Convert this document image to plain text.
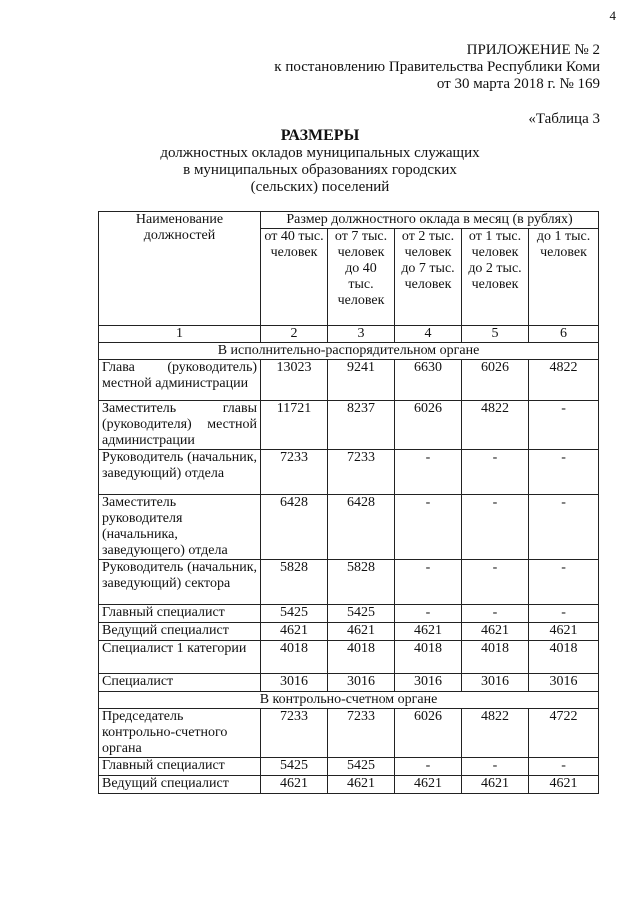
4
ПРИЛОЖЕНИЕ № 2
к постановлению Правительства Республики Коми
от 30 марта 2018 г. № 169
«Таблица 3
РАЗМЕРЫ
должностных окладов муниципальных служащих
в муниципальных образованиях городских
(сельских) поселений
Наименование должностей	Размер должностного оклада в месяц (в рублях)				
	от 40 тыс. человек	от 7 тыс. человек до 40 тыс. человек	от 2 тыс. человек до 7 тыс. человек	от 1 тыс. человек до 2 тыс. человек	до 1 тыс. человек
1	2	3	4	5	6
В исполнительно-распорядительном органе					
Глава (руководитель) местной администрации	13023	9241	6630	6026	4822
Заместитель главы (руководителя) местной администрации	11721	8237	6026	4822	-
Руководитель (начальник, заведующий) отдела	7233	7233	-	-	-
Заместитель руководителя (начальника, заведующего) отдела	6428	6428	-	-	-
Руководитель (начальник, заведующий) сектора	5828	5828	-	-	-
Главный специалист	5425	5425	-	-	-
Ведущий специалист	4621	4621	4621	4621	4621
Специалист 1 категории	4018	4018	4018	4018	4018
Специалист	3016	3016	3016	3016	3016
В контрольно-счетном органе					
Председатель контрольно-счетного органа	7233	7233	6026	4822	4722
Главный специалист	5425	5425	-	-	-
Ведущий специалист	4621	4621	4621	4621	4621
